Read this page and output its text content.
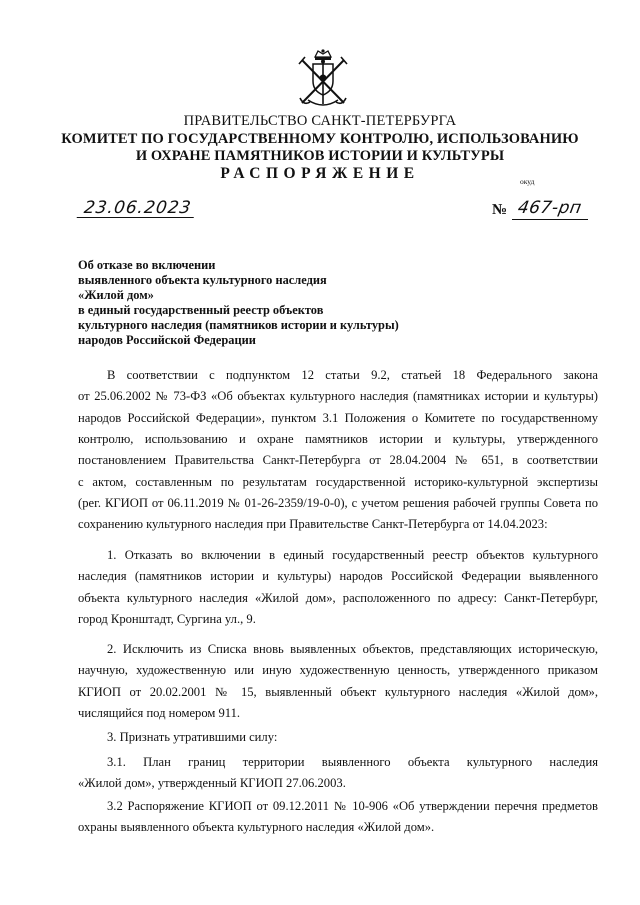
ПРАВИТЕЛЬСТВО САНКТ-ПЕТЕРБУРГА
КОМИТЕТ ПО ГОСУДАРСТВЕННОМУ КОНТРОЛЮ, ИСПОЛЬЗОВАНИЮ
И ОХРАНЕ ПАМЯТНИКОВ ИСТОРИИ И КУЛЬТУРЫ
РАСПОРЯЖЕНИЕ	окуд
23.06.2023	№ 467-рп
Об отказе во включении
выявленного объекта культурного наследия
«Жилой дом»
в единый государственный реестр объектов
культурного наследия (памятников истории и культуры)
народов Российской Федерации
В соответствии с подпунктом 12 статьи 9.2, статьей 18 Федерального закона
от 25.06.2002 № 73-ФЗ «Об объектах культурного наследия (памятниках истории и культуры)
народов Российской Федерации», пунктом 3.1 Положения о Комитете по государственному
контролю, использованию и охране памятников истории и культуры, утвержденного
постановлением Правительства Санкт-Петербурга от 28.04.2004 № 651, в соответствии
с актом, составленным по результатам государственной историко-культурной экспертизы
(рег. КГИОП от 06.11.2019 № 01-26-2359/19-0-0), с учетом решения рабочей группы Совета по
сохранению культурного наследия при Правительстве Санкт-Петербурга от 14.04.2023:
1. Отказать во включении в единый государственный реестр объектов культурного
наследия (памятников истории и культуры) народов Российской Федерации выявленного
объекта культурного наследия «Жилой дом», расположенного по адресу: Санкт-Петербург,
город Кронштадт, Сургина ул., 9.
2. Исключить из Списка вновь выявленных объектов, представляющих историческую,
научную, художественную или иную художественную ценность, утвержденного приказом
КГИОП от 20.02.2001 № 15, выявленный объект культурного наследия «Жилой дом»,
числящийся под номером 911.
3. Признать утратившими силу:
3.1. План границ территории выявленного объекта культурного наследия
«Жилой дом», утвержденный КГИОП 27.06.2003.
3.2 Распоряжение КГИОП от 09.12.2011 № 10-906 «Об утверждении перечня предметов
охраны выявленного объекта культурного наследия «Жилой дом».
